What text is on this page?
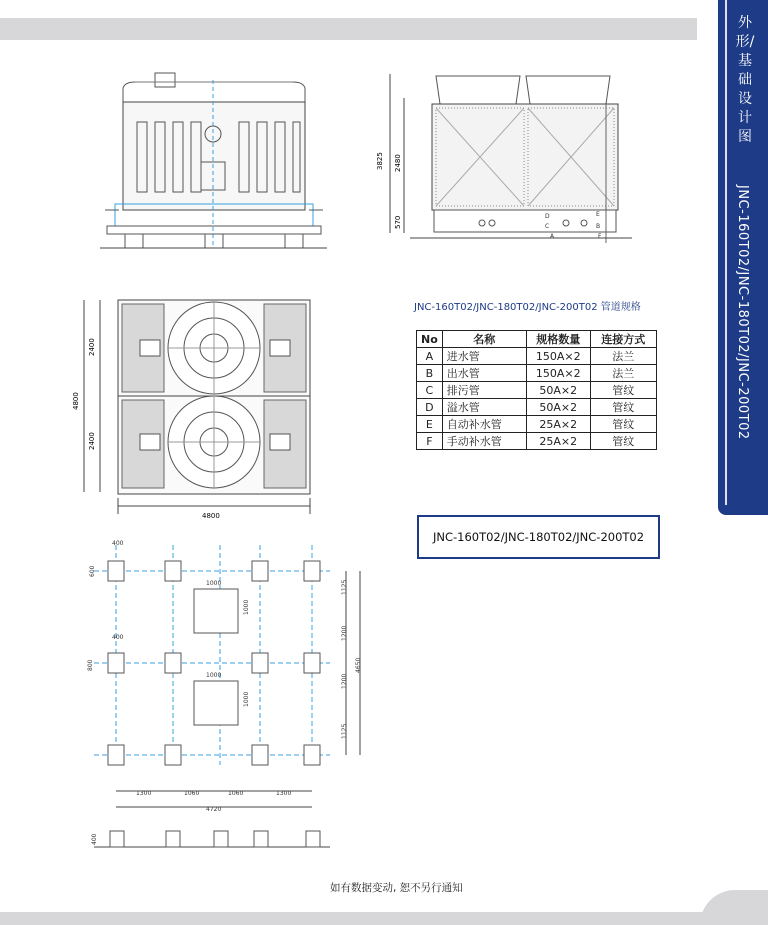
外形/基础设计图
JNC-160T02/JNC-180T02/JNC-200T02
3825 2480
570	D
C
E
B
A	F
4800
2400
2400
4800
400
400
600
800
1000
1000
1000
1000
1125
1200
1200
1125
4650
1300	1060	1060	1300
4720
400
JNC-160T02/JNC-180T02/JNC-200T02 管道规格
No	名称	规格数量	连接方式
A	进水管	150A×2	法兰
B	出水管	150A×2	法兰
C	排污管	50A×2	管纹
D	溢水管	50A×2	管纹
E	自动补水管	25A×2	管纹
F	手动补水管	25A×2	管纹
JNC-160T02/JNC-180T02/JNC-200T02
如有数据变动, 恕不另行通知
